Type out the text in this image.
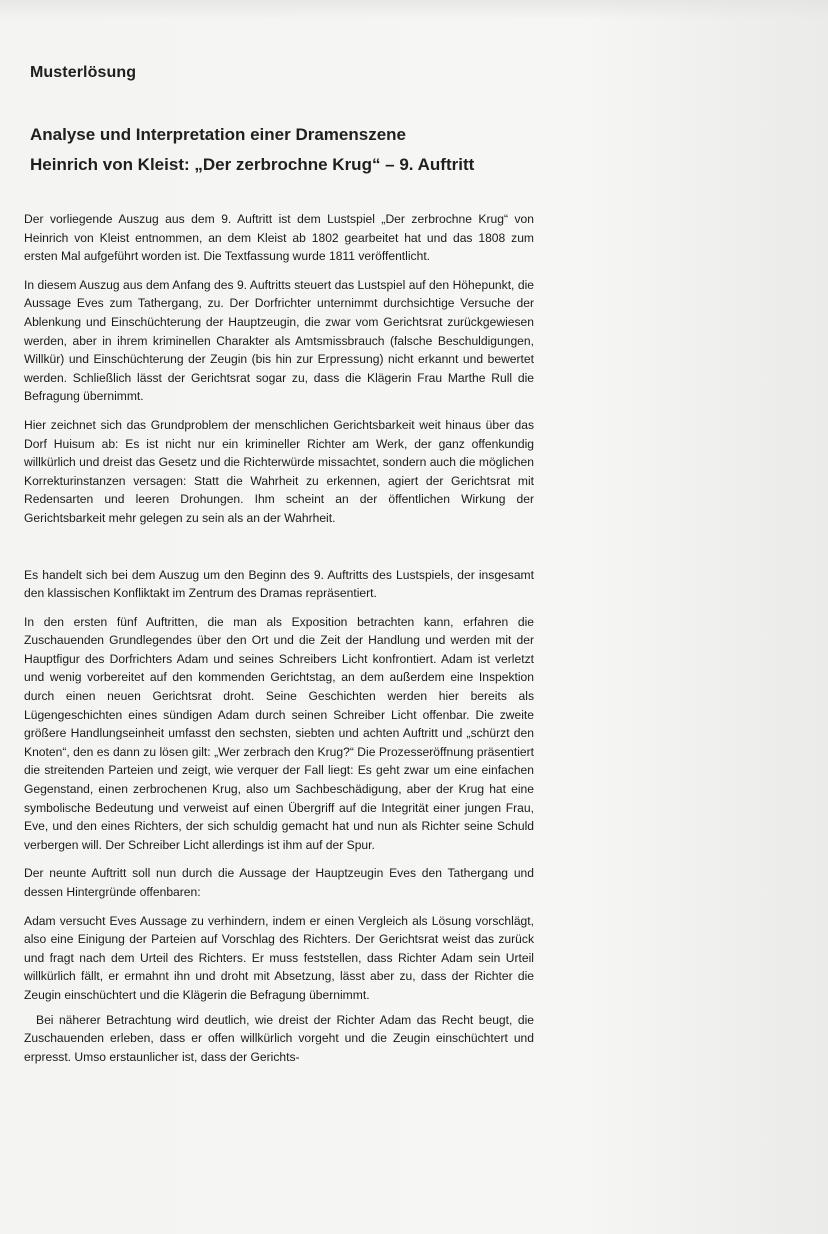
Musterlösung
Analyse und Interpretation einer Dramenszene
Heinrich von Kleist: „Der zerbrochne Krug“ – 9. Auftritt

Der vorliegende Auszug aus dem 9. Auftritt ist dem Lustspiel „Der zerbrochne Krug“ von Heinrich von Kleist entnommen, an dem Kleist ab 1802 gearbeitet hat und das 1808 zum ersten Mal aufgeführt worden ist. Die Textfassung wurde 1811 veröffentlicht.

In diesem Auszug aus dem Anfang des 9. Auftritts steuert das Lustspiel auf den Höhepunkt, die Aussage Eves zum Tathergang, zu. Der Dorfrichter unternimmt durchsichtige Versuche der Ablenkung und Einschüchterung der Hauptzeugin, die zwar vom Gerichtsrat zurückgewiesen werden, aber in ihrem kriminellen Charakter als Amtsmissbrauch (falsche Beschuldigungen, Willkür) und Einschüchterung der Zeugin (bis hin zur Erpressung) nicht erkannt und bewertet werden. Schließlich lässt der Gerichtsrat sogar zu, dass die Klägerin Frau Marthe Rull die Befragung übernimmt.

Hier zeichnet sich das Grundproblem der menschlichen Gerichtsbarkeit weit hinaus über das Dorf Huisum ab: Es ist nicht nur ein krimineller Richter am Werk, der ganz offenkundig willkürlich und dreist das Gesetz und die Richterwürde missachtet, sondern auch die möglichen Korrekturinstanzen versagen: Statt die Wahrheit zu erkennen, agiert der Gerichtsrat mit Redensarten und leeren Drohungen. Ihm scheint an der öffentlichen Wirkung der Gerichtsbarkeit mehr gelegen zu sein als an der Wahrheit.

Es handelt sich bei dem Auszug um den Beginn des 9. Auftritts des Lustspiels, der insgesamt den klassischen Konfliktakt im Zentrum des Dramas repräsentiert.

In den ersten fünf Auftritten, die man als Exposition betrachten kann, erfahren die Zuschauenden Grundlegendes über den Ort und die Zeit der Handlung und werden mit der Hauptfigur des Dorfrichters Adam und seines Schreibers Licht konfrontiert. Adam ist verletzt und wenig vorbereitet auf den kommenden Gerichtstag, an dem außerdem eine Inspektion durch einen neuen Gerichtsrat droht. Seine Geschichten werden hier bereits als Lügengeschichten eines sündigen Adam durch seinen Schreiber Licht offenbar. Die zweite größere Handlungseinheit umfasst den sechsten, siebten und achten Auftritt und „schürzt den Knoten“, den es dann zu lösen gilt: „Wer zerbrach den Krug?“ Die Prozesseröffnung präsentiert die streitenden Parteien und zeigt, wie verquer der Fall liegt: Es geht zwar um eine einfachen Gegenstand, einen zerbrochenen Krug, also um Sachbeschädigung, aber der Krug hat eine symbolische Bedeutung und verweist auf einen Übergriff auf die Integrität einer jungen Frau, Eve, und den eines Richters, der sich schuldig gemacht hat und nun als Richter seine Schuld verbergen will. Der Schreiber Licht allerdings ist ihm auf der Spur.

Der neunte Auftritt soll nun durch die Aussage der Hauptzeugin Eves den Tathergang und dessen Hintergründe offenbaren:

Adam versucht Eves Aussage zu verhindern, indem er einen Vergleich als Lösung vorschlägt, also eine Einigung der Parteien auf Vorschlag des Richters. Der Gerichtsrat weist das zurück und fragt nach dem Urteil des Richters. Er muss feststellen, dass Richter Adam sein Urteil willkürlich fällt, er ermahnt ihn und droht mit Absetzung, lässt aber zu, dass der Richter die Zeugin einschüchtert und die Klägerin die Befragung übernimmt.

Bei näherer Betrachtung wird deutlich, wie dreist der Richter Adam das Recht beugt, die Zuschauenden erleben, dass er offen willkürlich vorgeht und die Zeugin einschüchtert und erpresst. Umso erstaunlicher ist, dass der Gerichts-
